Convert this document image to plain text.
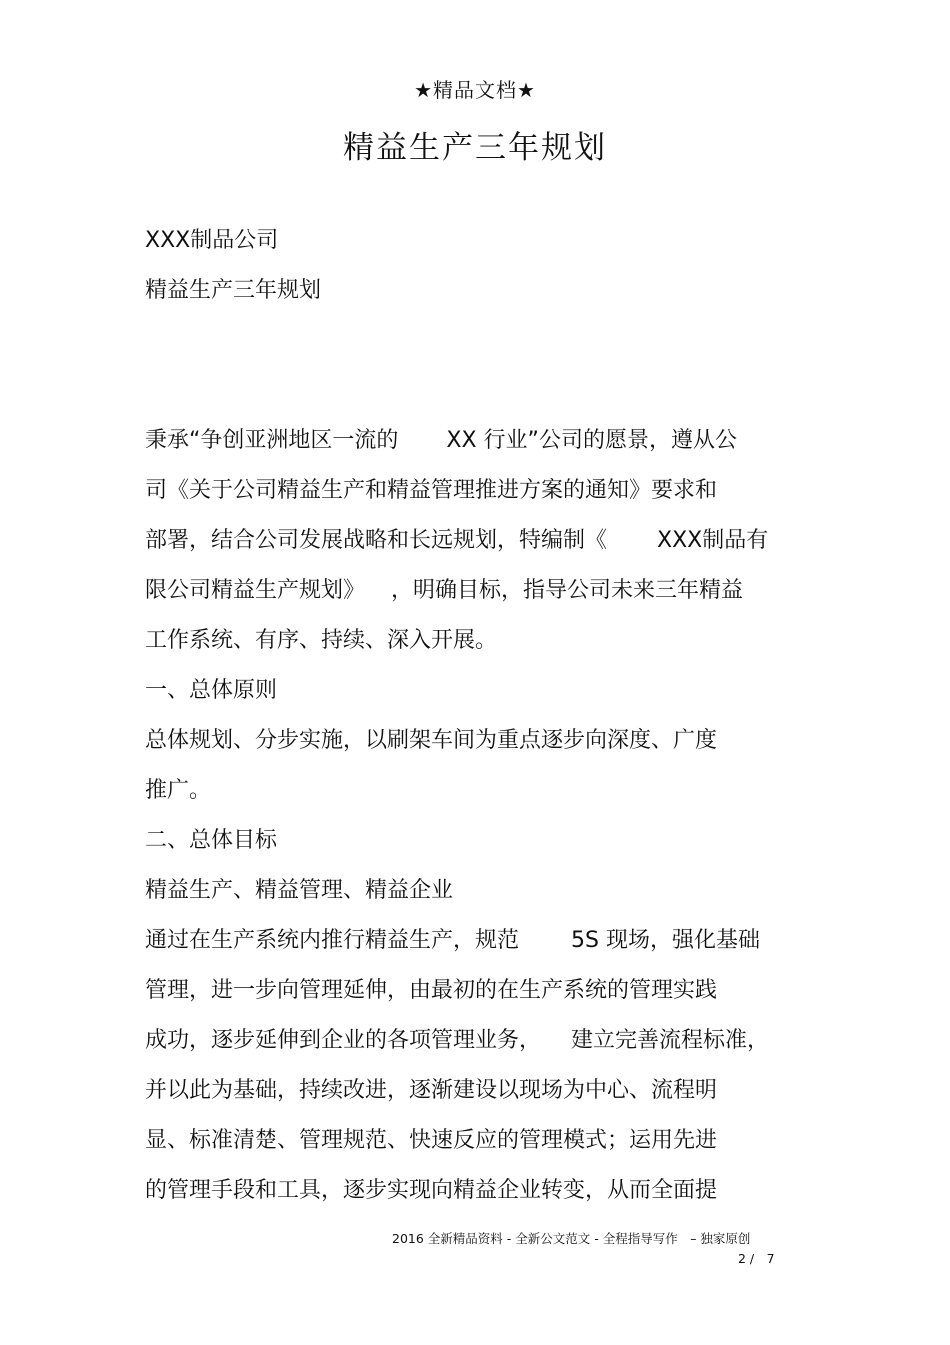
★精品文档★
精益生产三年规划
XXX制品公司
精益生产三年规划
秉承“争创亚洲地区一流的 XX 行业”公司的愿景，遵从公
司《关于公司精益生产和精益管理推进方案的通知》要求和
部署，结合公司发展战略和长远规划，特编制《 XXX制品有
限公司精益生产规划》 ，明确目标，指导公司未来三年精益
工作系统、有序、持续、深入开展。
一、总体原则
总体规划、分步实施，以刷架车间为重点逐步向深度、广度
推广。
二、总体目标
精益生产、精益管理、精益企业
通过在生产系统内推行精益生产，规范 5S 现场，强化基础
管理，进一步向管理延伸，由最初的在生产系统的管理实践
成功，逐步延伸到企业的各项管理业务， 建立完善流程标准，
并以此为基础，持续改进，逐渐建设以现场为中心、流程明
显、标准清楚、管理规范、快速反应的管理模式；运用先进
的管理手段和工具，逐步实现向精益企业转变，从而全面提
2016 全新精品资料 - 全新公文范文 - 全程指导写作　– 独家原创
2 /　7
